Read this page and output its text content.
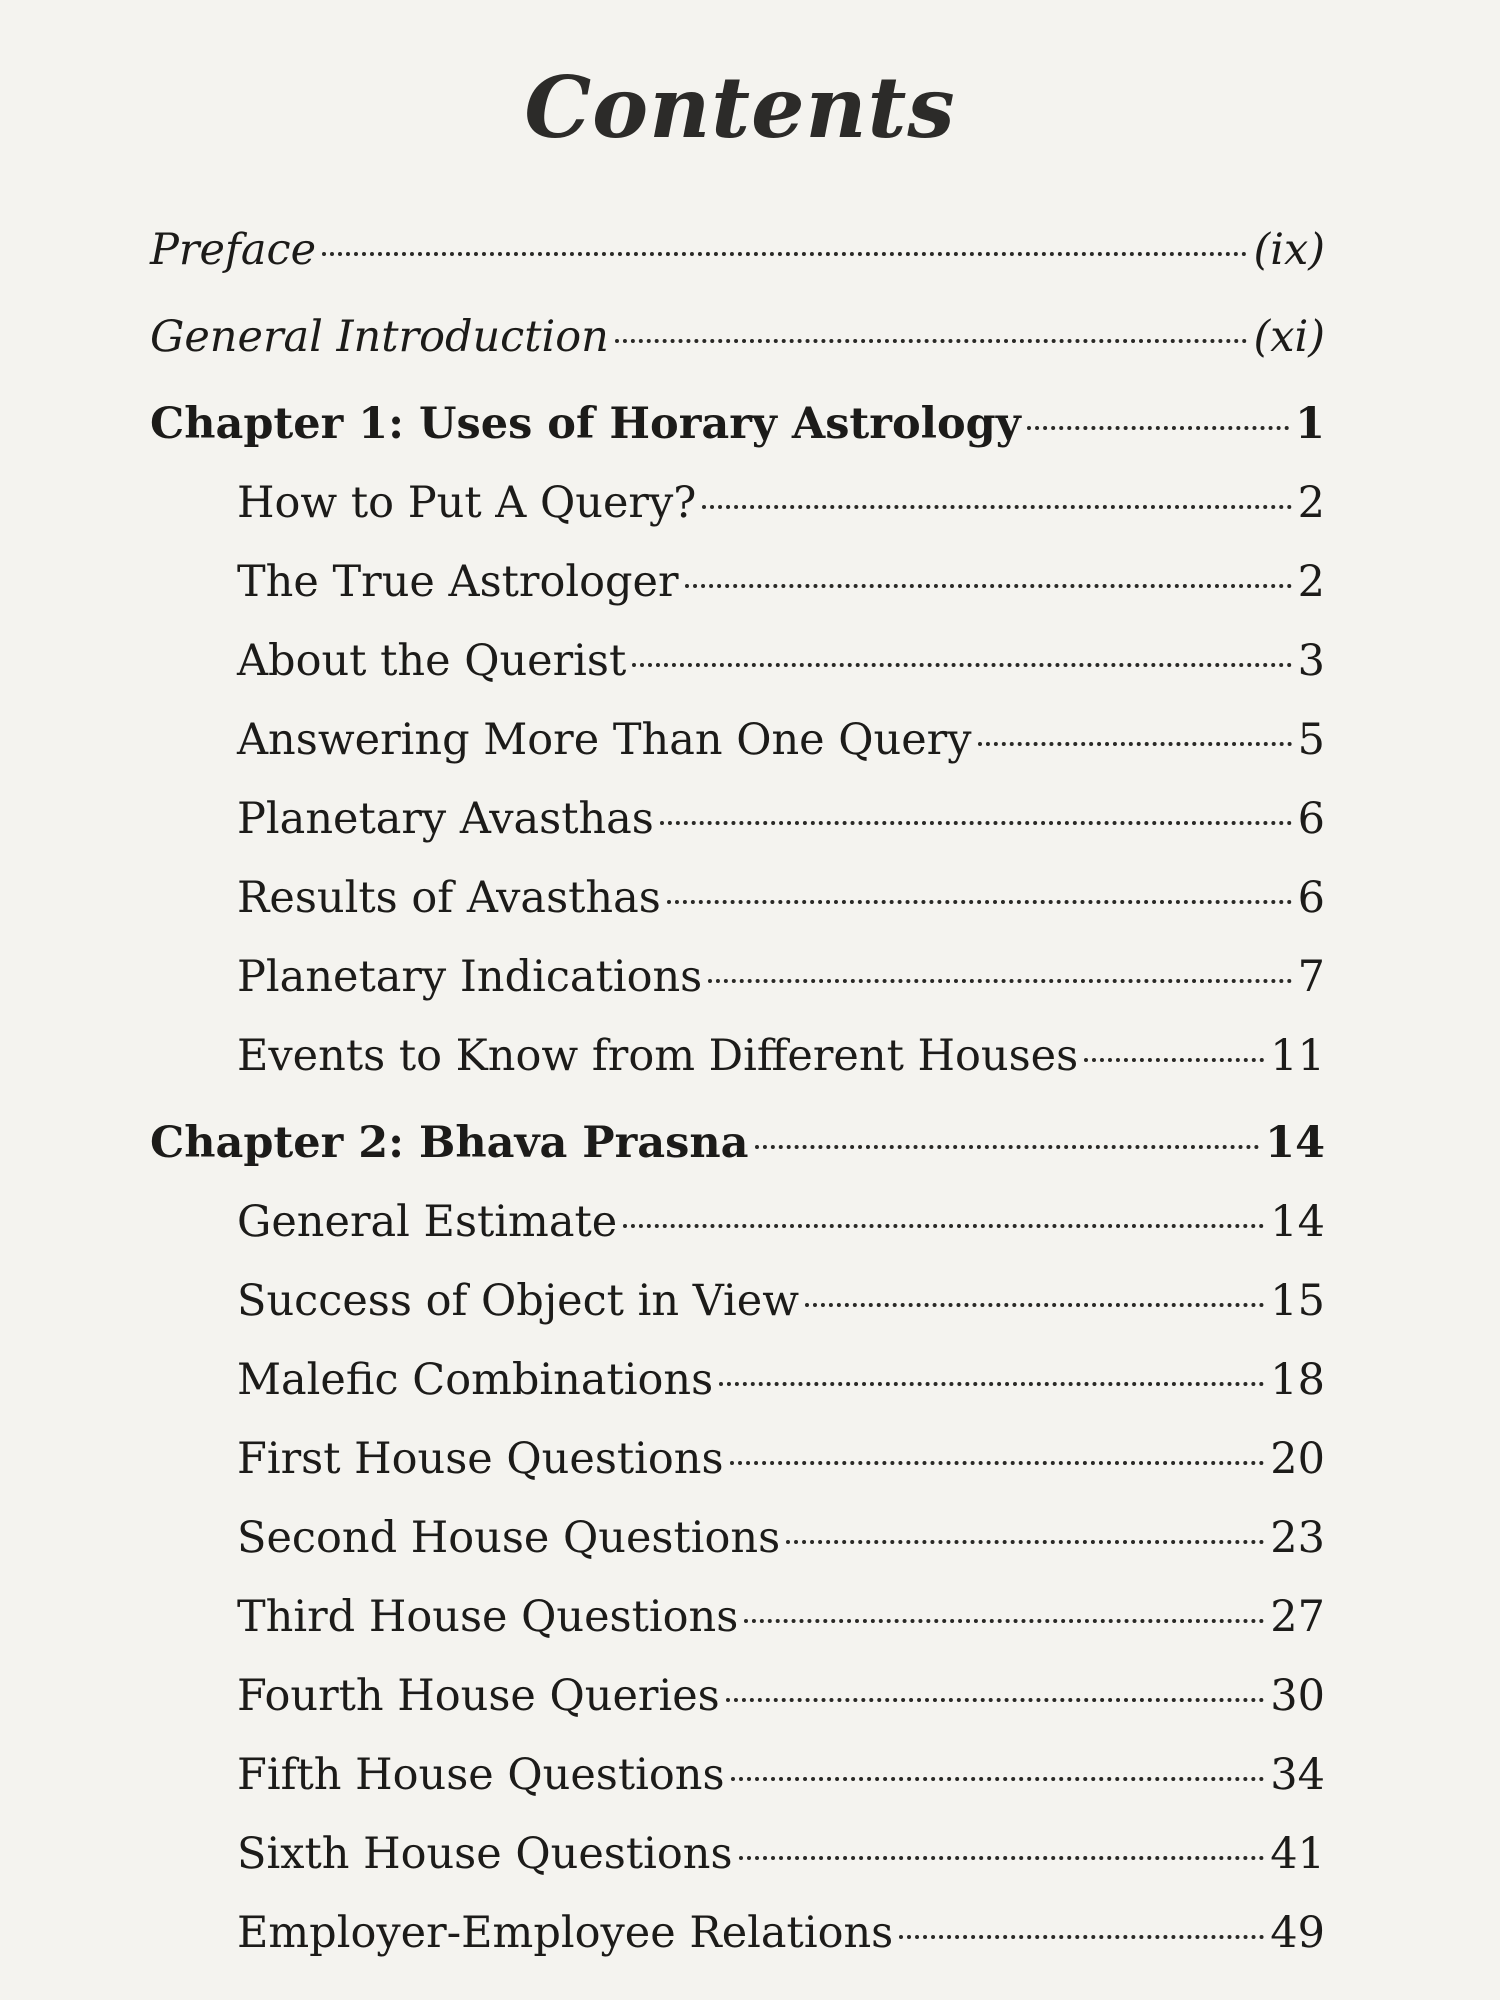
Contents
Preface	(ix)
General Introduction	(xi)
Chapter 1: Uses of Horary Astrology	1
How to Put A Query?	2
The True Astrologer	2
About the Querist	3
Answering More Than One Query	5
Planetary Avasthas	6
Results of Avasthas	6
Planetary Indications	7
Events to Know from Different Houses	11
Chapter 2: Bhava Prasna	14
General Estimate	14
Success of Object in View	15
Malefic Combinations	18
First House Questions	20
Second House Questions	23
Third House Questions	27
Fourth House Queries	30
Fifth House Questions	34
Sixth House Questions	41
Employer-Employee Relations	49
